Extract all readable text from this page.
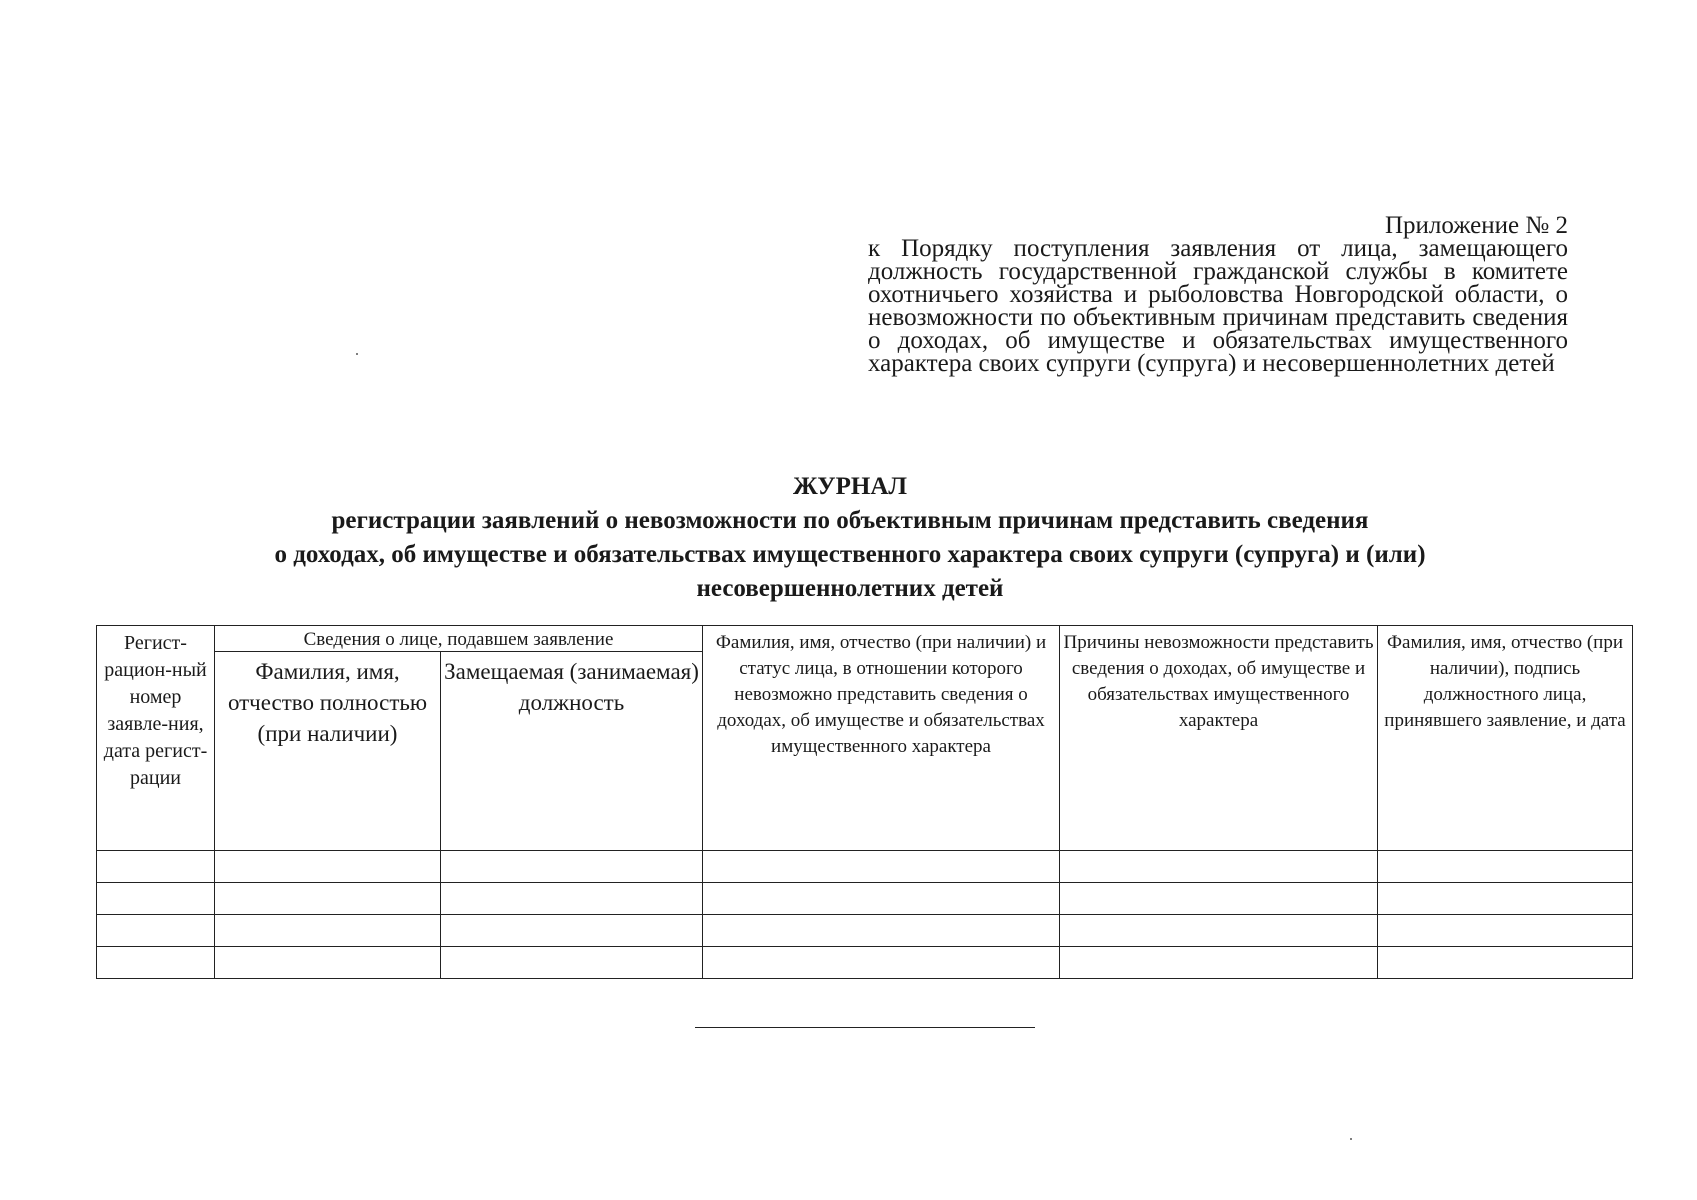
Приложение № 2
к Порядку поступления заявления от лица, замещающего должность государственной гражданской службы в комитете охотничьего хозяйства и рыболовства Новгородской области, о невозможности по объективным причинам представить сведения о доходах, об имуществе и обязательствах имущественного характера своих супруги (супруга) и несовершеннолетних детей
ЖУРНАЛ
регистрации заявлений о невозможности по объективным причинам представить сведения
о доходах, об имуществе и обязательствах имущественного характера своих супруги (супруга) и (или)
несовершеннолетних детей
Регист-рацион-ный номер заявле-ния, дата регист-рации	Сведения о лице, подавшем заявление		Фамилия, имя, отчество (при наличии) и статус лица, в отношении которого невозможно представить сведения о доходах, об имуществе и обязательствах имущественного характера	Причины невозможности представить сведения о доходах, об имуществе и обязательствах имущественного характера	Фамилия, имя, отчество (при наличии), подпись должностного лица, принявшего заявление, и дата
	Фамилия, имя, отчество полностью (при наличии)	Замещаемая (занимаемая) должность			
